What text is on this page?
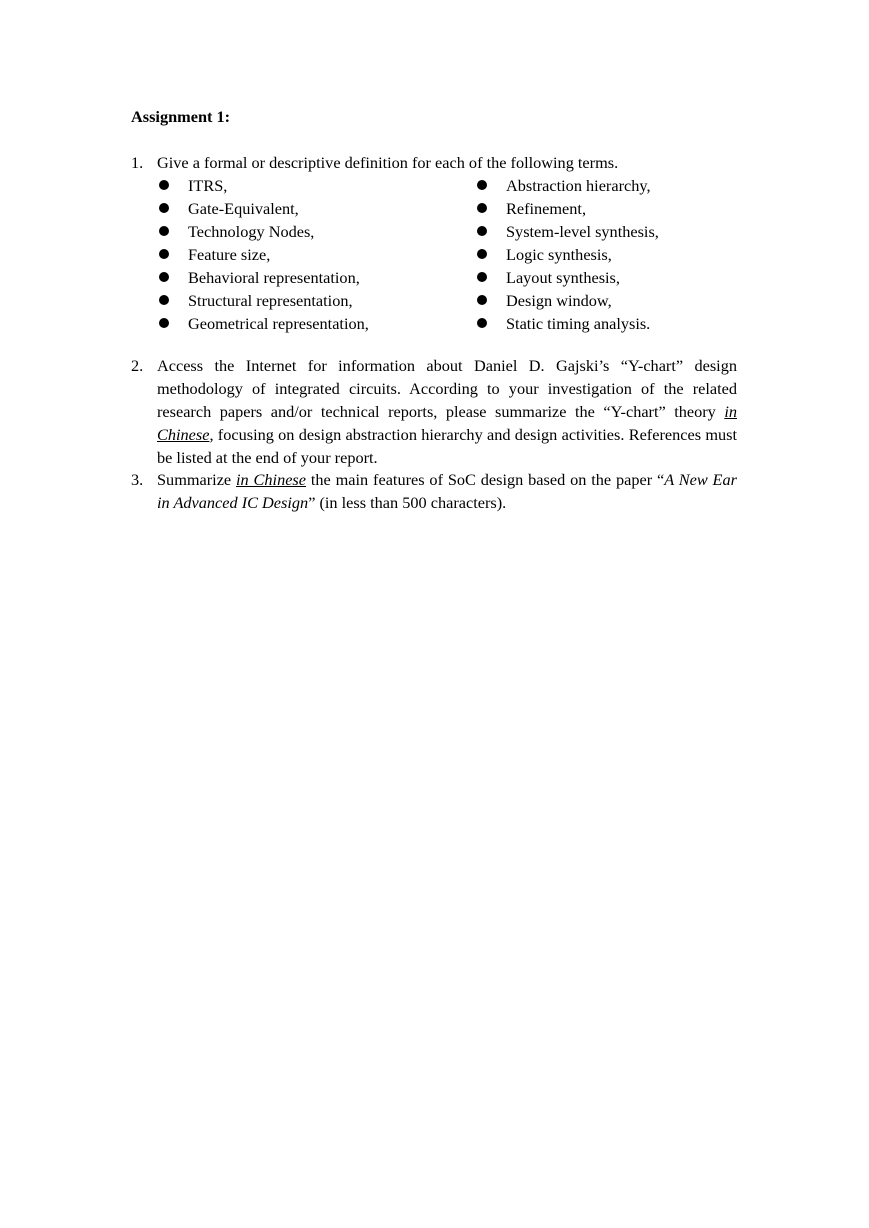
Assignment 1:
1. Give a formal or descriptive definition for each of the following terms.
ITRS,
Gate-Equivalent,
Technology Nodes,
Feature size,
Behavioral representation,
Structural representation,
Geometrical representation,
Abstraction hierarchy,
Refinement,
System-level synthesis,
Logic synthesis,
Layout synthesis,
Design window,
Static timing analysis.
2. Access the Internet for information about Daniel D. Gajski’s “Y-chart” design methodology of integrated circuits. According to your investigation of the related research papers and/or technical reports, please summarize the “Y-chart” theory in Chinese, focusing on design abstraction hierarchy and design activities. References must be listed at the end of your report.
3. Summarize in Chinese the main features of SoC design based on the paper “A New Ear in Advanced IC Design” (in less than 500 characters).
